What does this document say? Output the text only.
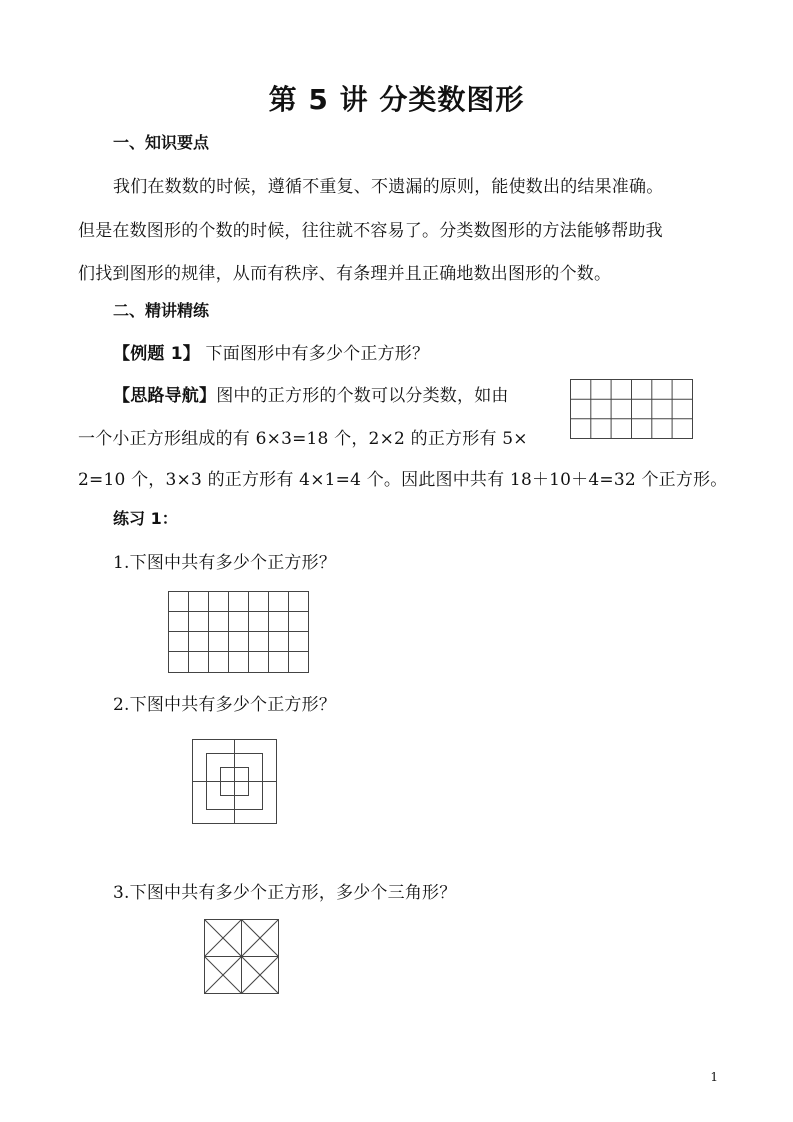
第 5 讲 分类数图形
一、知识要点
我们在数数的时候，遵循不重复、不遗漏的原则，能使数出的结果准确。
但是在数图形的个数的时候，往往就不容易了。分类数图形的方法能够帮助我
们找到图形的规律，从而有秩序、有条理并且正确地数出图形的个数。
二、精讲精练
【例题 1】 下面图形中有多少个正方形？
【思路导航】图中的正方形的个数可以分类数，如由
一个小正方形组成的有 6×3=18 个，2×2 的正方形有 5×
2=10 个，3×3 的正方形有 4×1=4 个。因此图中共有 18＋10＋4=32 个正方形。
练习 1：
1.下图中共有多少个正方形？
2.下图中共有多少个正方形？
3.下图中共有多少个正方形，多少个三角形？
1
